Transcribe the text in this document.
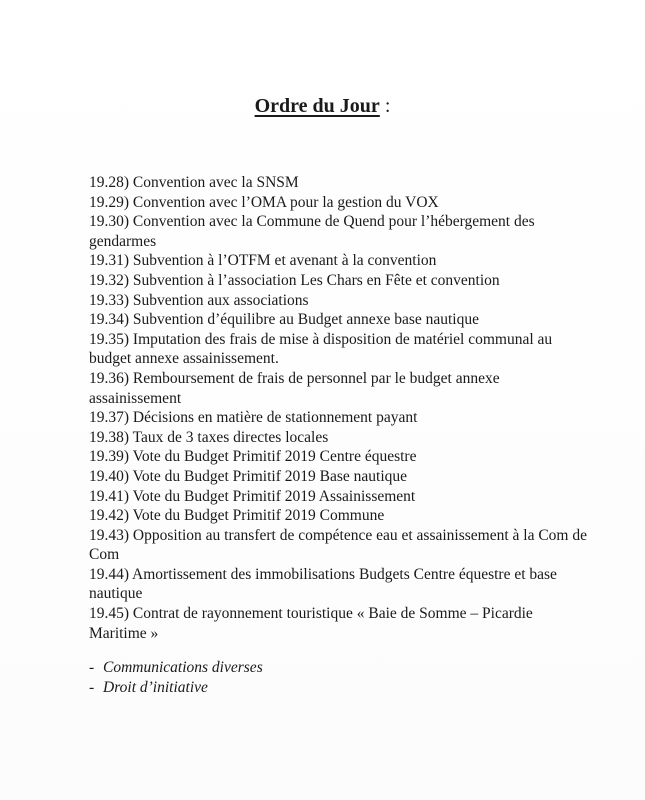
Ordre du Jour :
19.28) Convention avec la SNSM
19.29) Convention avec l’OMA pour la gestion du VOX
19.30) Convention avec la Commune de Quend pour l’hébergement des gendarmes
19.31) Subvention à l’OTFM et avenant à la convention
19.32) Subvention à l’association Les Chars en Fête et convention
19.33) Subvention aux associations
19.34) Subvention d’équilibre au Budget annexe base nautique
19.35) Imputation des frais de mise à disposition de matériel communal au budget annexe assainissement.
19.36) Remboursement de frais de personnel par le budget annexe assainissement
19.37) Décisions en matière de stationnement payant
19.38) Taux de 3 taxes directes locales
19.39) Vote du Budget Primitif 2019 Centre équestre
19.40) Vote du Budget Primitif 2019 Base nautique
19.41) Vote du Budget Primitif 2019 Assainissement
19.42) Vote du Budget Primitif 2019 Commune
19.43) Opposition au transfert de compétence eau et assainissement à la Com de Com
19.44) Amortissement des immobilisations Budgets Centre équestre et base nautique
19.45) Contrat de rayonnement touristique « Baie de Somme – Picardie Maritime »
- Communications diverses
- Droit d’initiative
